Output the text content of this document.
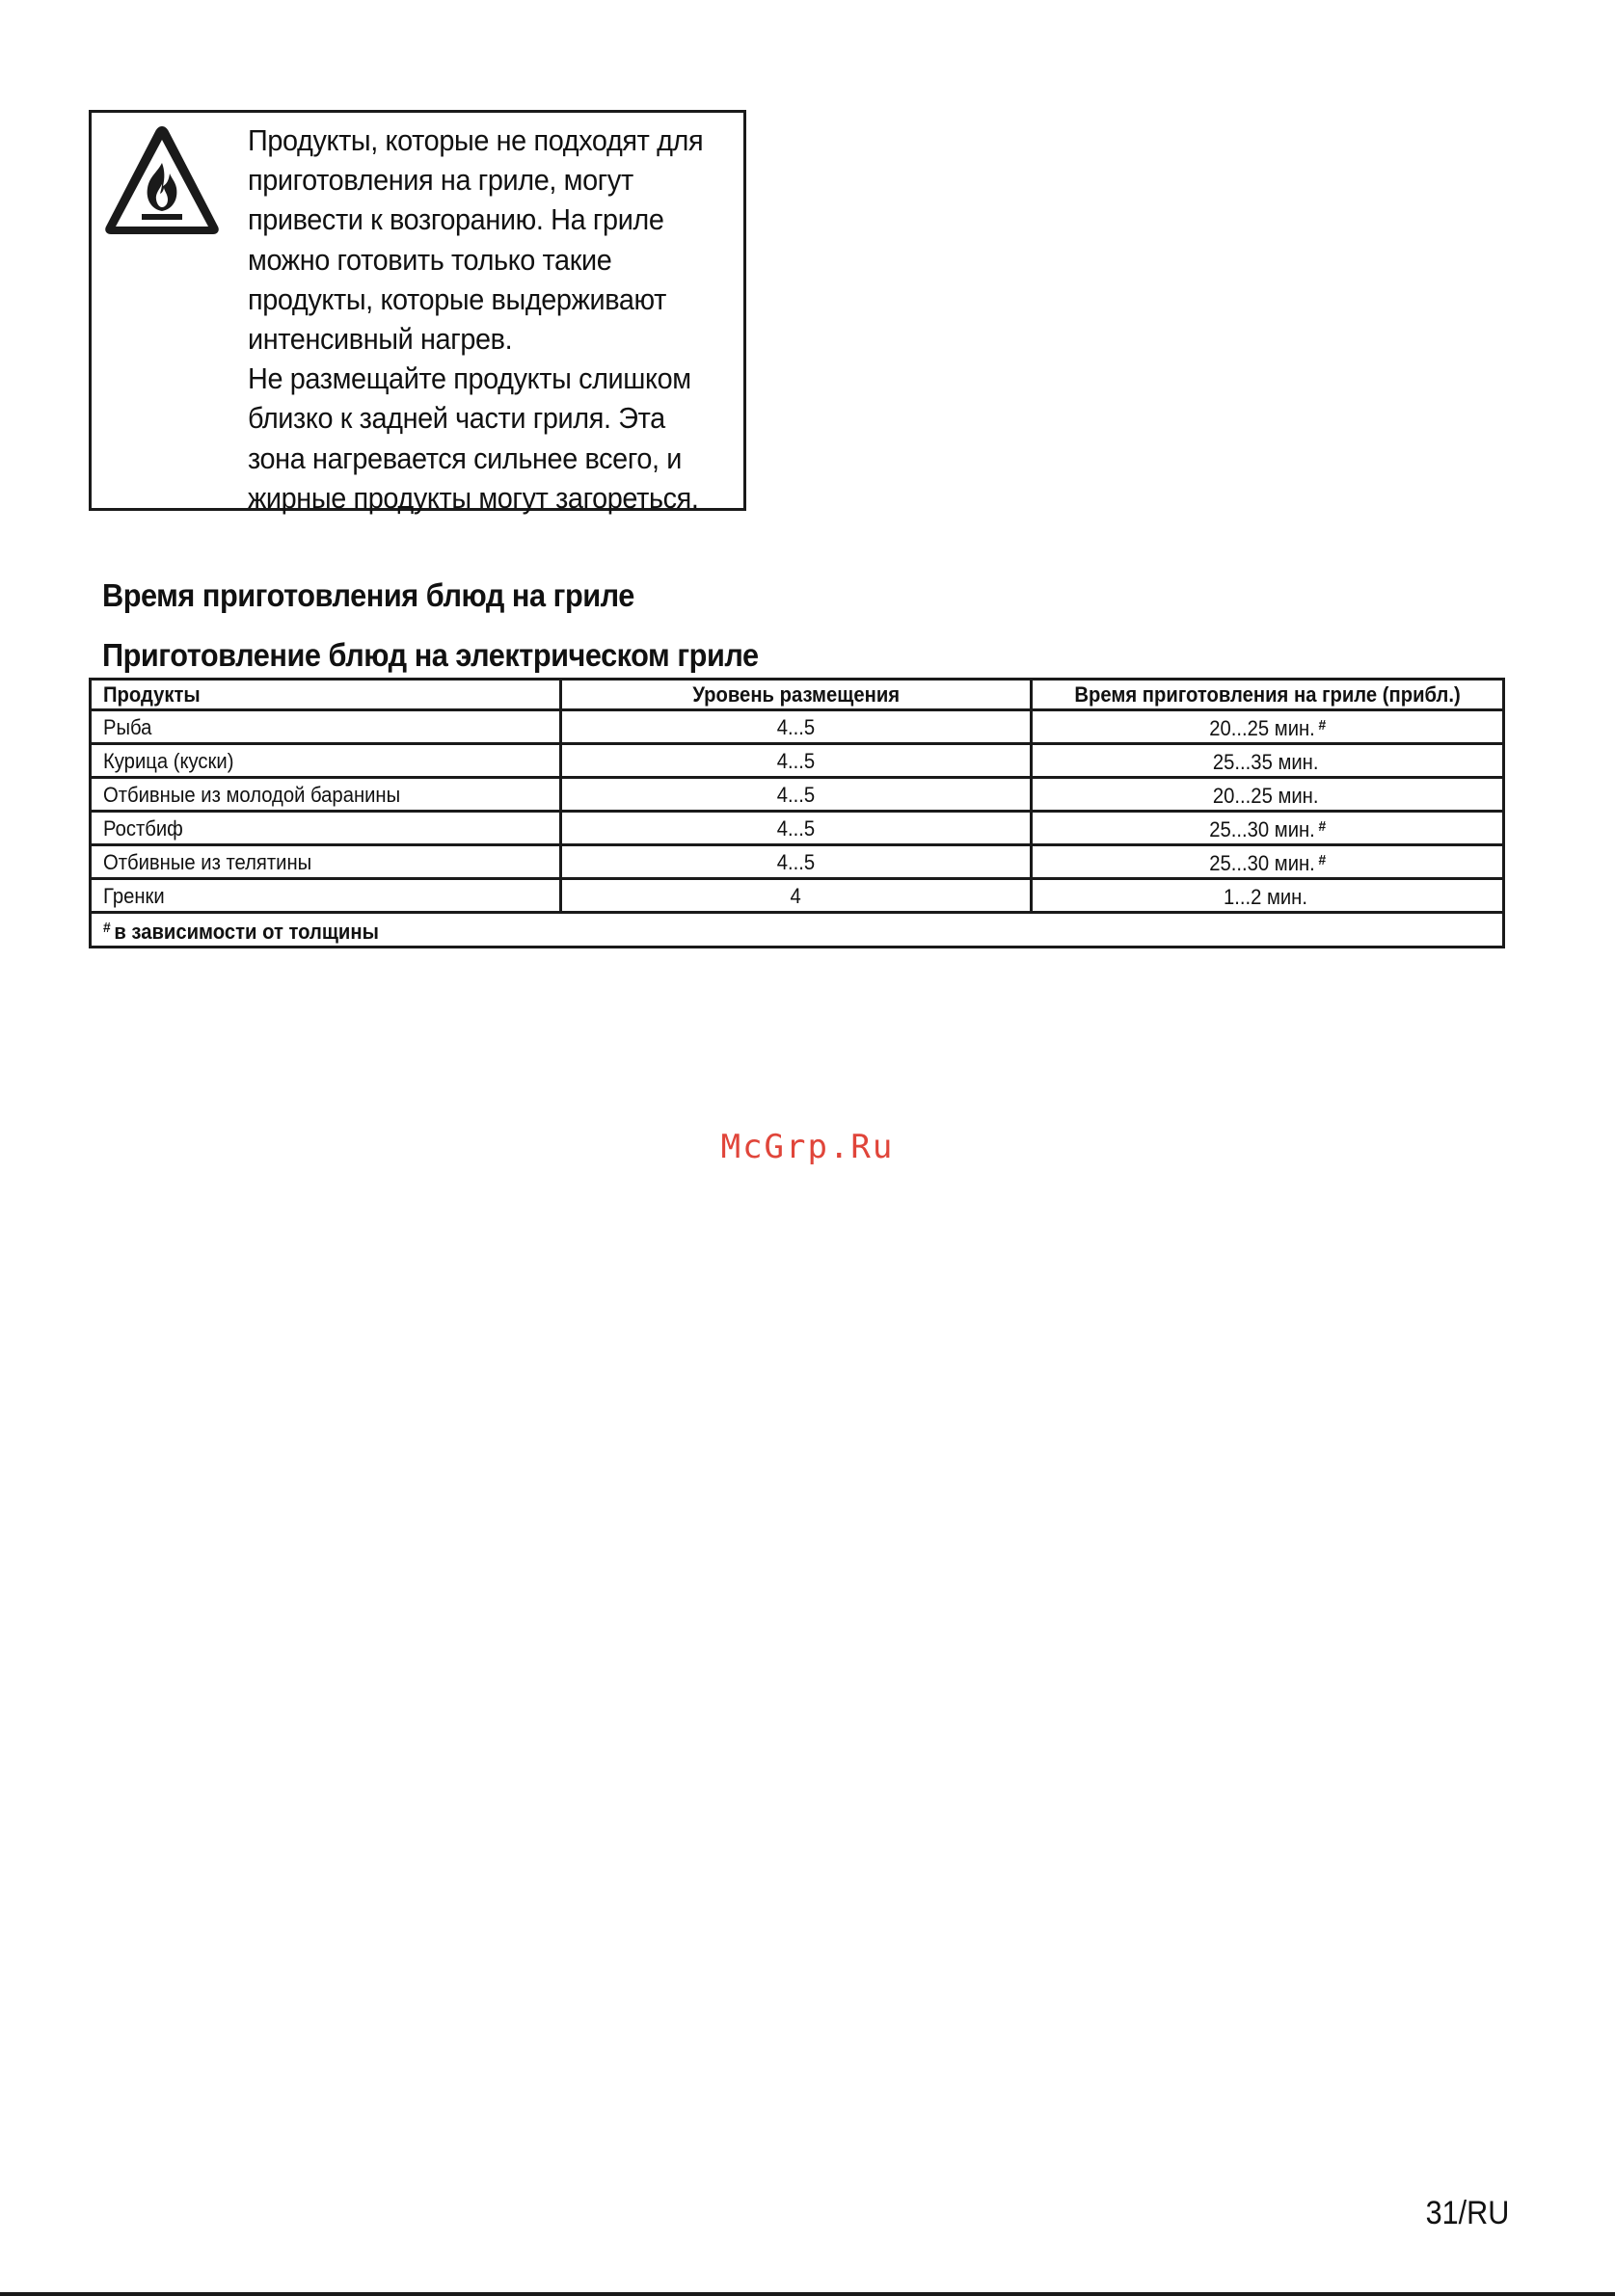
Продукты, которые не подходят для
приготовления на гриле, могут
привести к возгоранию. На гриле
можно готовить только такие
продукты, которые выдерживают
интенсивный нагрев.
Не размещайте продукты слишком
близко к задней части гриля. Эта
зона нагревается сильнее всего, и
жирные продукты могут загореться.

Время приготовления блюд на гриле
Приготовление блюд на электрическом гриле
Продукты	Уровень размещения	Время приготовления на гриле (прибл.)
Рыба	4...5	20...25 мин. #
Курица (куски)	4...5	25...35 мин.
Отбивные из молодой баранины	4...5	20...25 мин.
Ростбиф	4...5	25...30 мин. #
Отбивные из телятины	4...5	25...30 мин. #
Гренки	4	1...2 мин.
# в зависимости от толщины		

McGrp.Ru

31/RU
